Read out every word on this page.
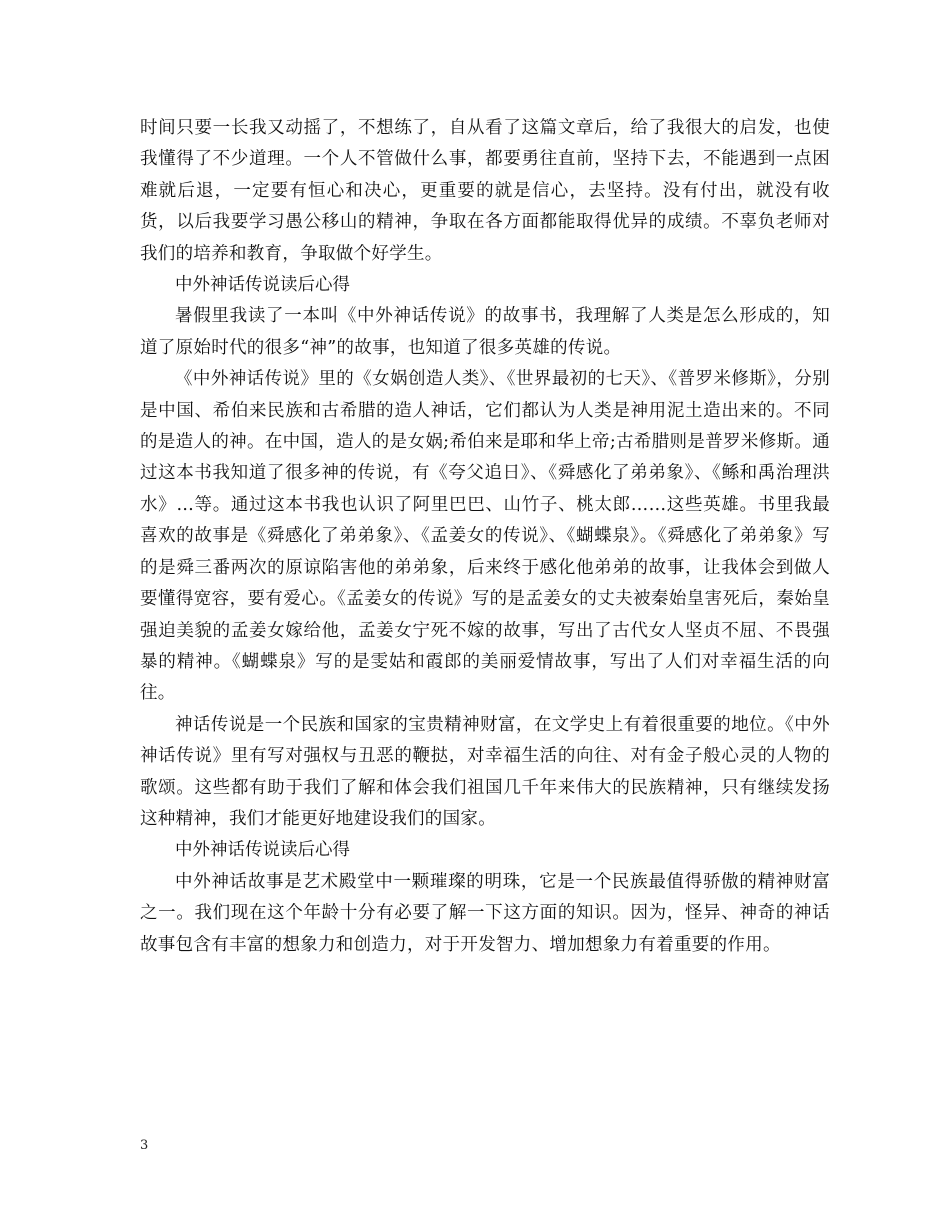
时间只要一长我又动摇了，不想练了，自从看了这篇文章后，给了我很大的启发，也使我懂得了不少道理。一个人不管做什么事，都要勇往直前，坚持下去，不能遇到一点困难就后退，一定要有恒心和决心，更重要的就是信心，去坚持。没有付出，就没有收货，以后我要学习愚公移山的精神，争取在各方面都能取得优异的成绩。不辜负老师对我们的培养和教育，争取做个好学生。

中外神话传说读后心得

暑假里我读了一本叫《中外神话传说》的故事书，我理解了人类是怎么形成的，知道了原始时代的很多“神”的故事，也知道了很多英雄的传说。

《中外神话传说》里的《女娲创造人类》、《世界最初的七天》、《普罗米修斯》，分别是中国、希伯来民族和古希腊的造人神话，它们都认为人类是神用泥土造出来的。不同的是造人的神。在中国，造人的是女娲;希伯来是耶和华上帝;古希腊则是普罗米修斯。通过这本书我知道了很多神的传说，有《夸父追日》、《舜感化了弟弟象》、《鲧和禹治理洪水》…等。通过这本书我也认识了阿里巴巴、山竹子、桃太郎……这些英雄。书里我最喜欢的故事是《舜感化了弟弟象》、《孟姜女的传说》、《蝴蝶泉》。《舜感化了弟弟象》写的是舜三番两次的原谅陷害他的弟弟象，后来终于感化他弟弟的故事，让我体会到做人要懂得宽容，要有爱心。《孟姜女的传说》写的是孟姜女的丈夫被秦始皇害死后，秦始皇强迫美貌的孟姜女嫁给他，孟姜女宁死不嫁的故事，写出了古代女人坚贞不屈、不畏强暴的精神。《蝴蝶泉》写的是雯姑和霞郎的美丽爱情故事，写出了人们对幸福生活的向往。

神话传说是一个民族和国家的宝贵精神财富，在文学史上有着很重要的地位。《中外神话传说》里有写对强权与丑恶的鞭挞，对幸福生活的向往、对有金子般心灵的人物的歌颂。这些都有助于我们了解和体会我们祖国几千年来伟大的民族精神，只有继续发扬这种精神，我们才能更好地建设我们的国家。

中外神话传说读后心得

中外神话故事是艺术殿堂中一颗璀璨的明珠，它是一个民族最值得骄傲的精神财富之一。我们现在这个年龄十分有必要了解一下这方面的知识。因为，怪异、神奇的神话故事包含有丰富的想象力和创造力，对于开发智力、增加想象力有着重要的作用。

3
